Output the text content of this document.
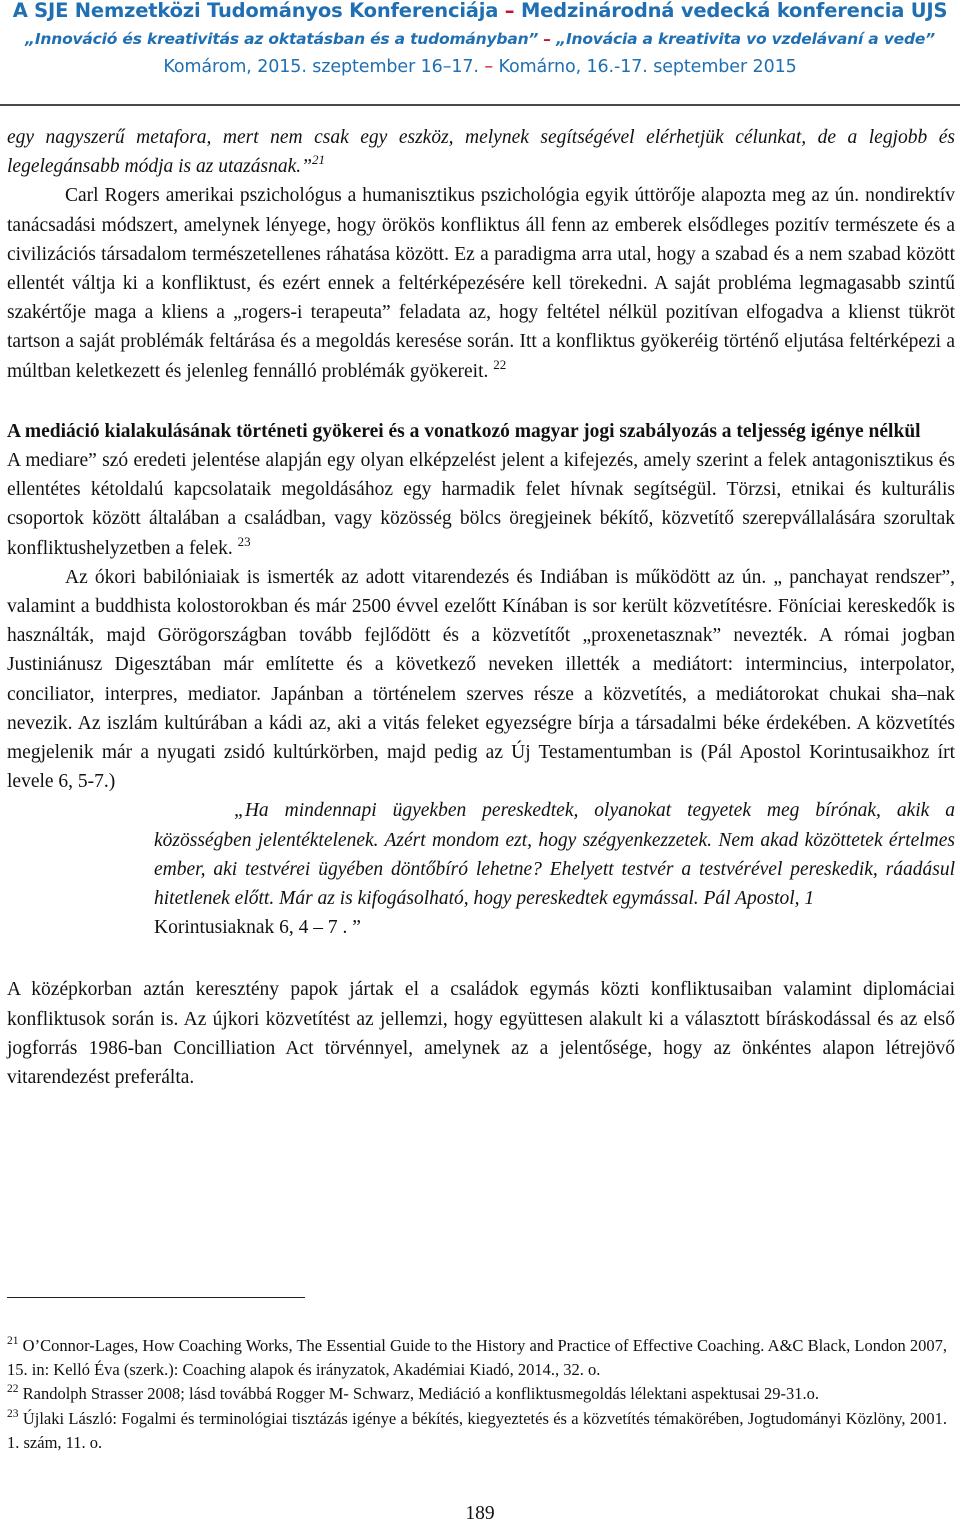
A SJE Nemzetközi Tudományos Konferenciája – Medzinárodná vedecká konferencia UJS
„Innováció és kreativitás az oktatásban és a tudományban” – „Inovácia a kreativita vo vzdelávaní a vede”
Komárom, 2015. szeptember 16–17. – Komárno, 16.-17. september 2015

egy nagyszerű metafora, mert nem csak egy eszköz, melynek segítségével elérhetjük célunkat, de a legjobb és legelegánsabb módja is az utazásnak.”$^{21}$

Carl Rogers amerikai pszichológus a humanisztikus pszichológia egyik úttörője alapozta meg az ún. nondirektív tanácsadási módszert, amelynek lényege, hogy örökös konfliktus áll fenn az emberek elsődleges pozitív természete és a civilizációs társadalom természetellenes ráhatása között. Ez a paradigma arra utal, hogy a szabad és a nem szabad között ellentét váltja ki a konfliktust, és ezért ennek a feltérképezésére kell törekedni. A saját probléma legmagasabb szintű szakértője maga a kliens a „rogers-i terapeuta” feladata az, hogy feltétel nélkül pozitívan elfogadva a klienst tükröt tartson a saját problémák feltárása és a megoldás keresése során. Itt a konfliktus gyökeréig történő eljutása feltérképezi a múltban keletkezett és jelenleg fennálló problémák gyökereit. $^{22}$

A mediáció kialakulásának történeti gyökerei és a vonatkozó magyar jogi szabályozás a teljesség igénye nélkül

A mediare” szó eredeti jelentése alapján egy olyan elképzelést jelent a kifejezés, amely szerint a felek antagonisztikus és ellentétes kétoldalú kapcsolataik megoldásához egy harmadik felet hívnak segítségül. Törzsi, etnikai és kulturális csoportok között általában a családban, vagy közösség bölcs öregjeinek békítő, közvetítő szerepvállalására szorultak konfliktushelyzetben a felek. $^{23}$

Az ókori babilóniaiak is ismerték az adott vitarendezés és Indiában is működött az ún. „ panchayat rendszer”, valamint a buddhista kolostorokban és már 2500 évvel ezelőtt Kínában is sor került közvetítésre. Föníciai kereskedők is használták, majd Görögországban tovább fejlődött és a közvetítőt „proxenetasznak” nevezték. A római jogban Justiniánusz Digesztában már említette és a következő neveken illették a mediátort: intermincius, interpolator, conciliator, interpres, mediator. Japánban a történelem szerves része a közvetítés, a mediátorokat chukai sha–nak nevezik. Az iszlám kultúrában a kádi az, aki a vitás feleket egyezségre bírja a társadalmi béke érdekében. A közvetítés megjelenik már a nyugati zsidó kultúrkörben, majd pedig az Új Testamentumban is (Pál Apostol Korintusaikhoz írt levele 6, 5-7.)

„Ha mindennapi ügyekben pereskedtek, olyanokat tegyetek meg bírónak, akik a közösségben jelentéktelenek. Azért mondom ezt, hogy szégyenkezzetek. Nem akad közöttetek értelmes ember, aki testvérei ügyében döntőbíró lehetne? Ehelyett testvér a testvérével pereskedik, ráadásul hitetlenek előtt. Már az is kifogásolható, hogy pereskedtek egymással. Pál Apostol, 1
Korintusiaknak 6, 4 – 7 . ”

A középkorban aztán keresztény papok jártak el a családok egymás közti konfliktusaiban valamint diplomáciai konfliktusok során is. Az újkori közvetítést az jellemzi, hogy együttesen alakult ki a választott bíráskodással és az első jogforrás 1986-ban Concilliation Act törvénnyel, amelynek az a jelentősége, hogy az önkéntes alapon létrejövő vitarendezést preferálta.

$^{21}$ O’Connor-Lages, How Coaching Works, The Essential Guide to the History and Practice of Effective Coaching. A&C Black, London 2007, 15. in: Kelló Éva (szerk.): Coaching alapok és irányzatok, Akadémiai Kiadó, 2014., 32. o.

$^{22}$ Randolph Strasser 2008; lásd továbbá Rogger M- Schwarz, Mediáció a konfliktusmegoldás lélektani aspektusai 29-31.o.

$^{23}$ Újlaki László: Fogalmi és terminológiai tisztázás igénye a békítés, kiegyeztetés és a közvetítés témakörében, Jogtudományi Közlöny, 2001. 1. szám, 11. o.

189
